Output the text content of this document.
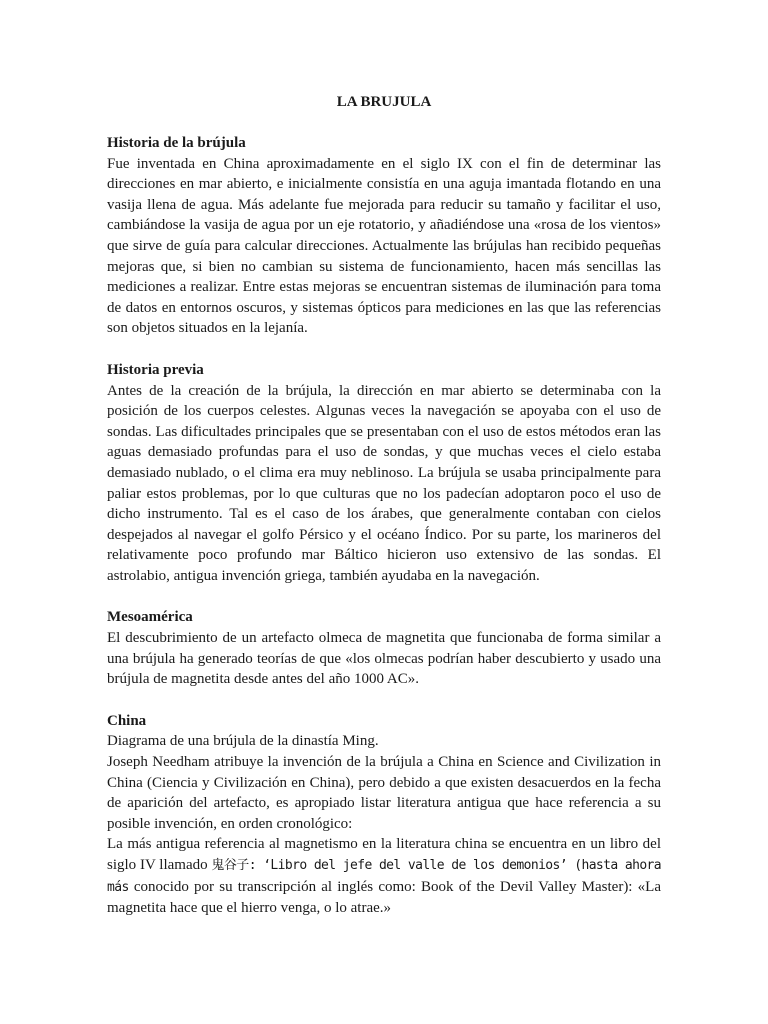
LA BRUJULA

Historia de la brújula

Fue inventada en China aproximadamente en el siglo IX con el fin de determinar las direcciones en mar abierto, e inicialmente consistía en una aguja imantada flotando en una vasija llena de agua. Más adelante fue mejorada para reducir su tamaño y facilitar el uso, cambiándose la vasija de agua por un eje rotatorio, y añadiéndose una «rosa de los vientos» que sirve de guía para calcular direcciones. Actualmente las brújulas han recibido pequeñas mejoras que, si bien no cambian su sistema de funcionamiento, hacen más sencillas las mediciones a realizar. Entre estas mejoras se encuentran sistemas de iluminación para toma de datos en entornos oscuros, y sistemas ópticos para mediciones en las que las referencias son objetos situados en la lejanía.

Historia previa

Antes de la creación de la brújula, la dirección en mar abierto se determinaba con la posición de los cuerpos celestes. Algunas veces la navegación se apoyaba con el uso de sondas. Las dificultades principales que se presentaban con el uso de estos métodos eran las aguas demasiado profundas para el uso de sondas, y que muchas veces el cielo estaba demasiado nublado, o el clima era muy neblinoso. La brújula se usaba principalmente para paliar estos problemas, por lo que culturas que no los padecían adoptaron poco el uso de dicho instrumento. Tal es el caso de los árabes, que generalmente contaban con cielos despejados al navegar el golfo Pérsico y el océano Índico. Por su parte, los marineros del relativamente poco profundo mar Báltico hicieron uso extensivo de las sondas. El astrolabio, antigua invención griega, también ayudaba en la navegación.

Mesoamérica

El descubrimiento de un artefacto olmeca de magnetita que funcionaba de forma similar a una brújula ha generado teorías de que «los olmecas podrían haber descubierto y usado una brújula de magnetita desde antes del año 1000 AC».

China

Diagrama de una brújula de la dinastía Ming.

Joseph Needham atribuye la invención de la brújula a China en Science and Civilization in China (Ciencia y Civilización en China), pero debido a que existen desacuerdos en la fecha de aparición del artefacto, es apropiado listar literatura antigua que hace referencia a su posible invención, en orden cronológico:

La más antigua referencia al magnetismo en la literatura china se encuentra en un libro del siglo IV llamado 鬼谷子: ‘Libro del jefe del valle de los demonios’ (hasta ahora más conocido por su transcripción al inglés como: Book of the Devil Valley Master): «La magnetita hace que el hierro venga, o lo atrae.»
